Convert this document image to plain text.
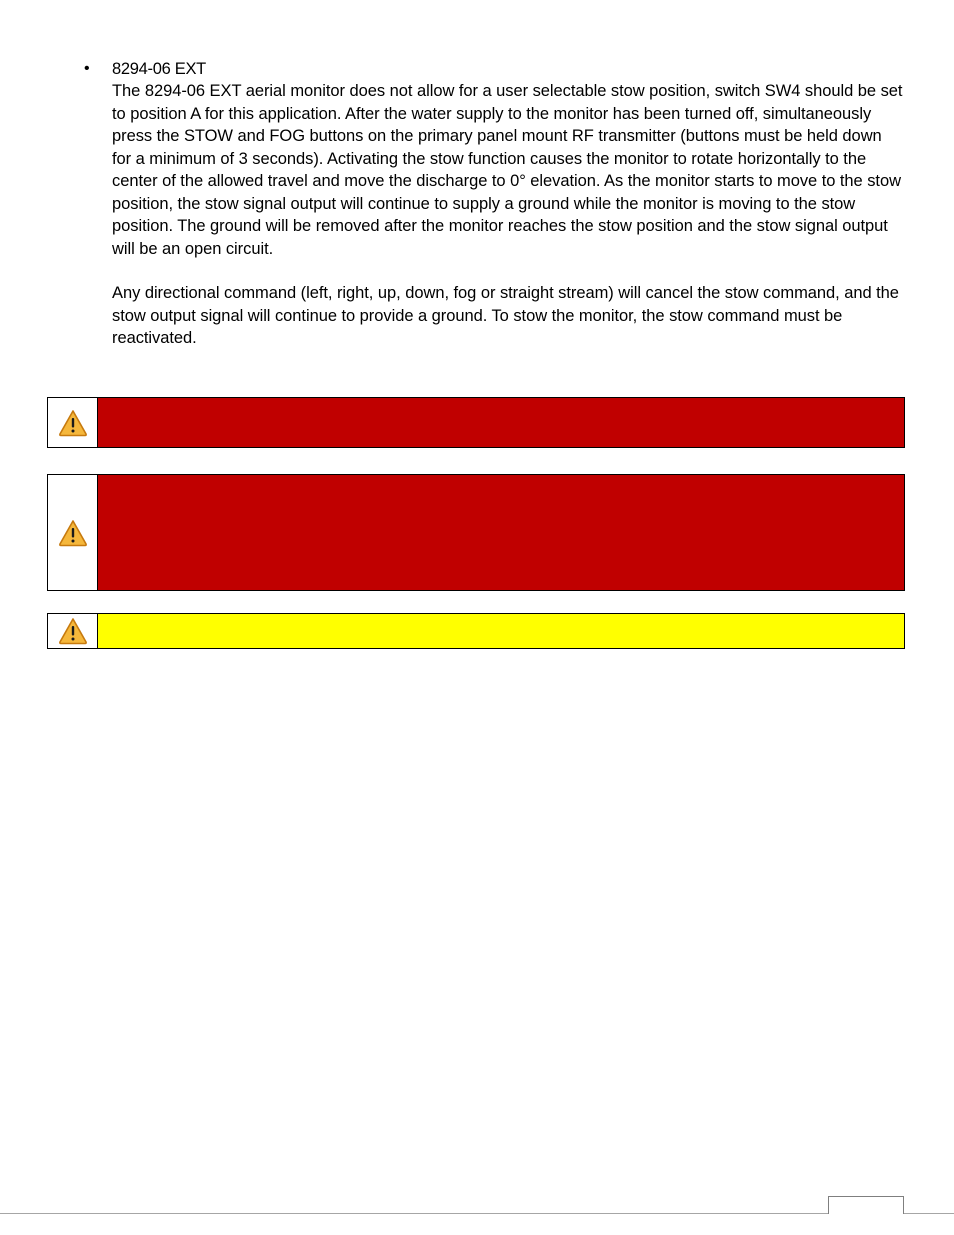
• 8294-06 EXT

The 8294-06 EXT aerial monitor does not allow for a user selectable stow position, switch SW4 should be set to position A for this application. After the water supply to the monitor has been turned off, simultaneously press the STOW and FOG buttons on the primary panel mount RF transmitter (buttons must be held down for a minimum of 3 seconds). Activating the stow function causes the monitor to rotate horizontally to the center of the allowed travel and move the discharge to 0° elevation. As the monitor starts to move to the stow position, the stow signal output will continue to supply a ground while the monitor is moving to the stow position. The ground will be removed after the monitor reaches the stow position and the stow signal output will be an open circuit.

Any directional command (left, right, up, down, fog or straight stream) will cancel the stow command, and the stow output signal will continue to provide a ground. To stow the monitor, the stow command must be reactivated.
